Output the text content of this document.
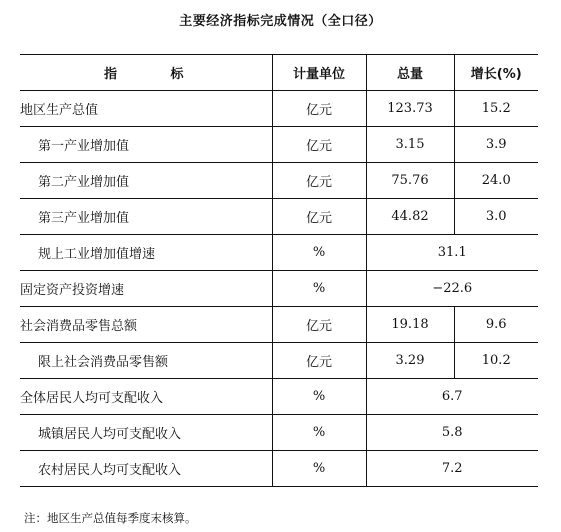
主要经济指标完成情况（全口径）
指 标	计量单位	总量	增长(%)
地区生产总值	亿元	123.73	15.2
第一产业增加值	亿元	3.15	3.9
第二产业增加值	亿元	75.76	24.0
第三产业增加值	亿元	44.82	3.0
规上工业增加值增速	%	31.1	
固定资产投资增速	%	−22.6	
社会消费品零售总额	亿元	19.18	9.6
限上社会消费品零售额	亿元	3.29	10.2
全体居民人均可支配收入	%	6.7	
城镇居民人均可支配收入	%	5.8	
农村居民人均可支配收入	%	7.2	
注：地区生产总值每季度末核算。
